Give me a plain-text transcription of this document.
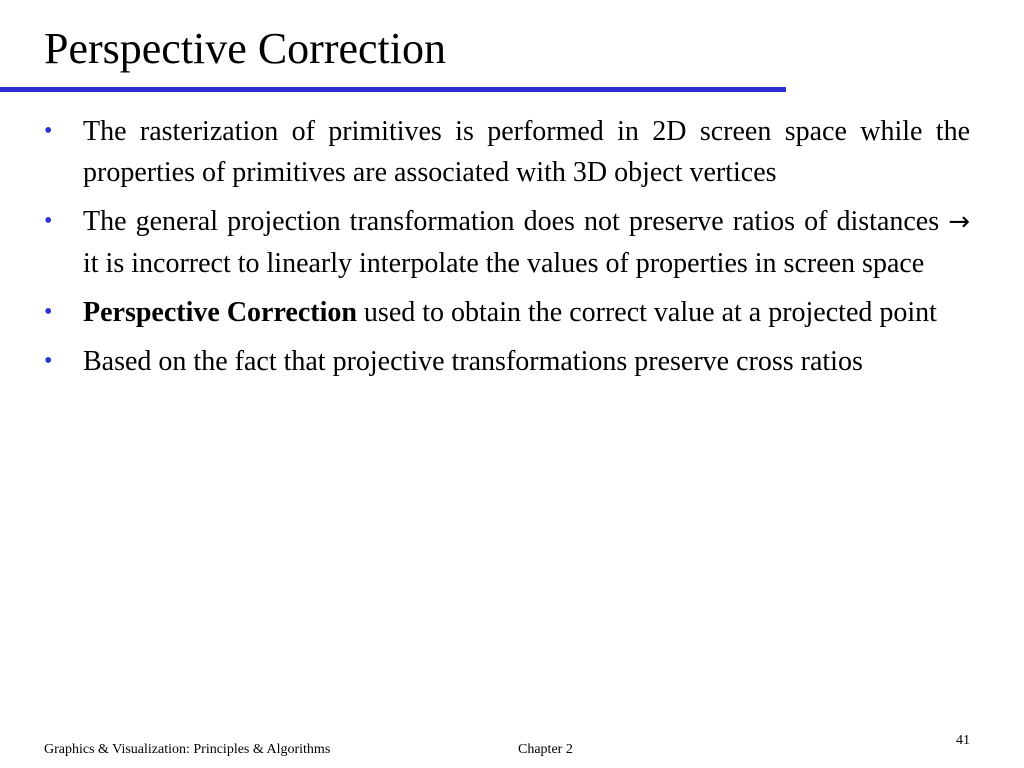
Perspective Correction
• The rasterization of primitives is performed in 2D screen space while the properties of primitives are associated with 3D object vertices
• The general projection transformation does not preserve ratios of distances → it is incorrect to linearly interpolate the values of properties in screen space
• Perspective Correction used to obtain the correct value at a projected point
• Based on the fact that projective transformations preserve cross ratios
Graphics & Visualization: Principles & Algorithms	Chapter 2
41
